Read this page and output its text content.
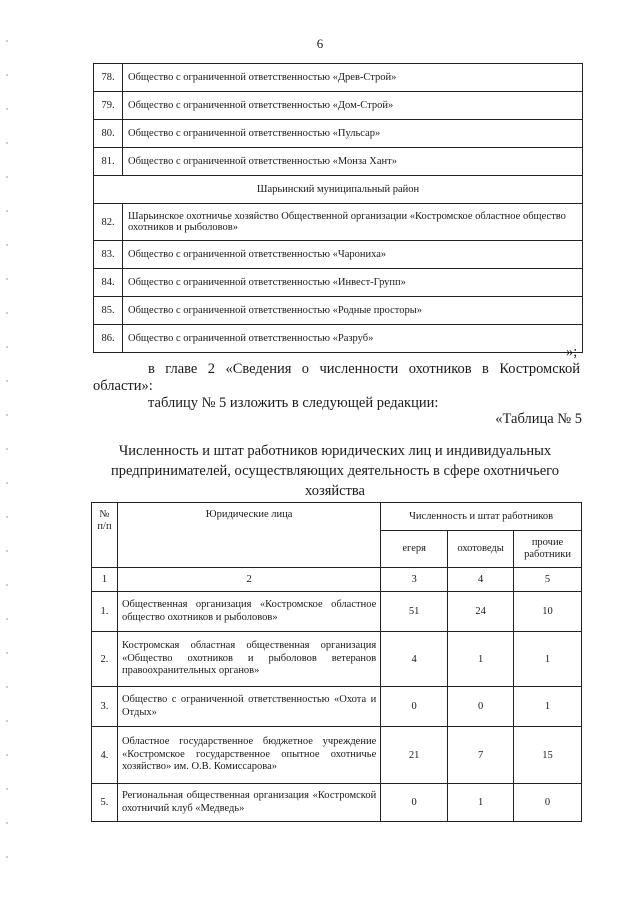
6
78.	Общество с ограниченной ответственностью «Древ-Строй»
79.	Общество с ограниченной ответственностью «Дом-Строй»
80.	Общество с ограниченной ответственностью «Пульсар»
81.	Общество с ограниченной ответственностью «Монза Хант»
Шарьинский муниципальный район	
82.	Шарьинское охотничье хозяйство Общественной организации «Костромское областное общество охотников и рыболовов»
83.	Общество с ограниченной ответственностью «Чарониха»
84.	Общество с ограниченной ответственностью «Инвест-Групп»
85.	Общество с ограниченной ответственностью «Родные просторы»
86.	Общество с ограниченной ответственностью «Разруб»
»;
в главе 2 «Сведения о численности охотников в Костромской
области»:
таблицу № 5 изложить в следующей редакции:
«Таблица № 5
Численность и штат работников юридических лиц и индивидуальных предпринимателей, осуществляющих деятельность в сфере охотничьего хозяйства
№ п/п	Юридические лица	Численность и штат работников		
		егеря	охотоведы	прочие работники
1	2	3	4	5
1.	Общественная организация «Костромское областное общество охотников и рыболовов»	51	24	10
2.	Костромская областная общественная организация «Общество охотников и рыболовов ветеранов правоохранительных органов»	4	1	1
3.	Общество с ограниченной ответственностью «Охота и Отдых»	0	0	1
4.	Областное государственное бюджетное учреждение «Костромское государственное опытное охотничье хозяйство» им. О.В. Комиссарова»	21	7	15
5.	Региональная общественная организация «Костромской охотничий клуб «Медведь»	0	1	0
